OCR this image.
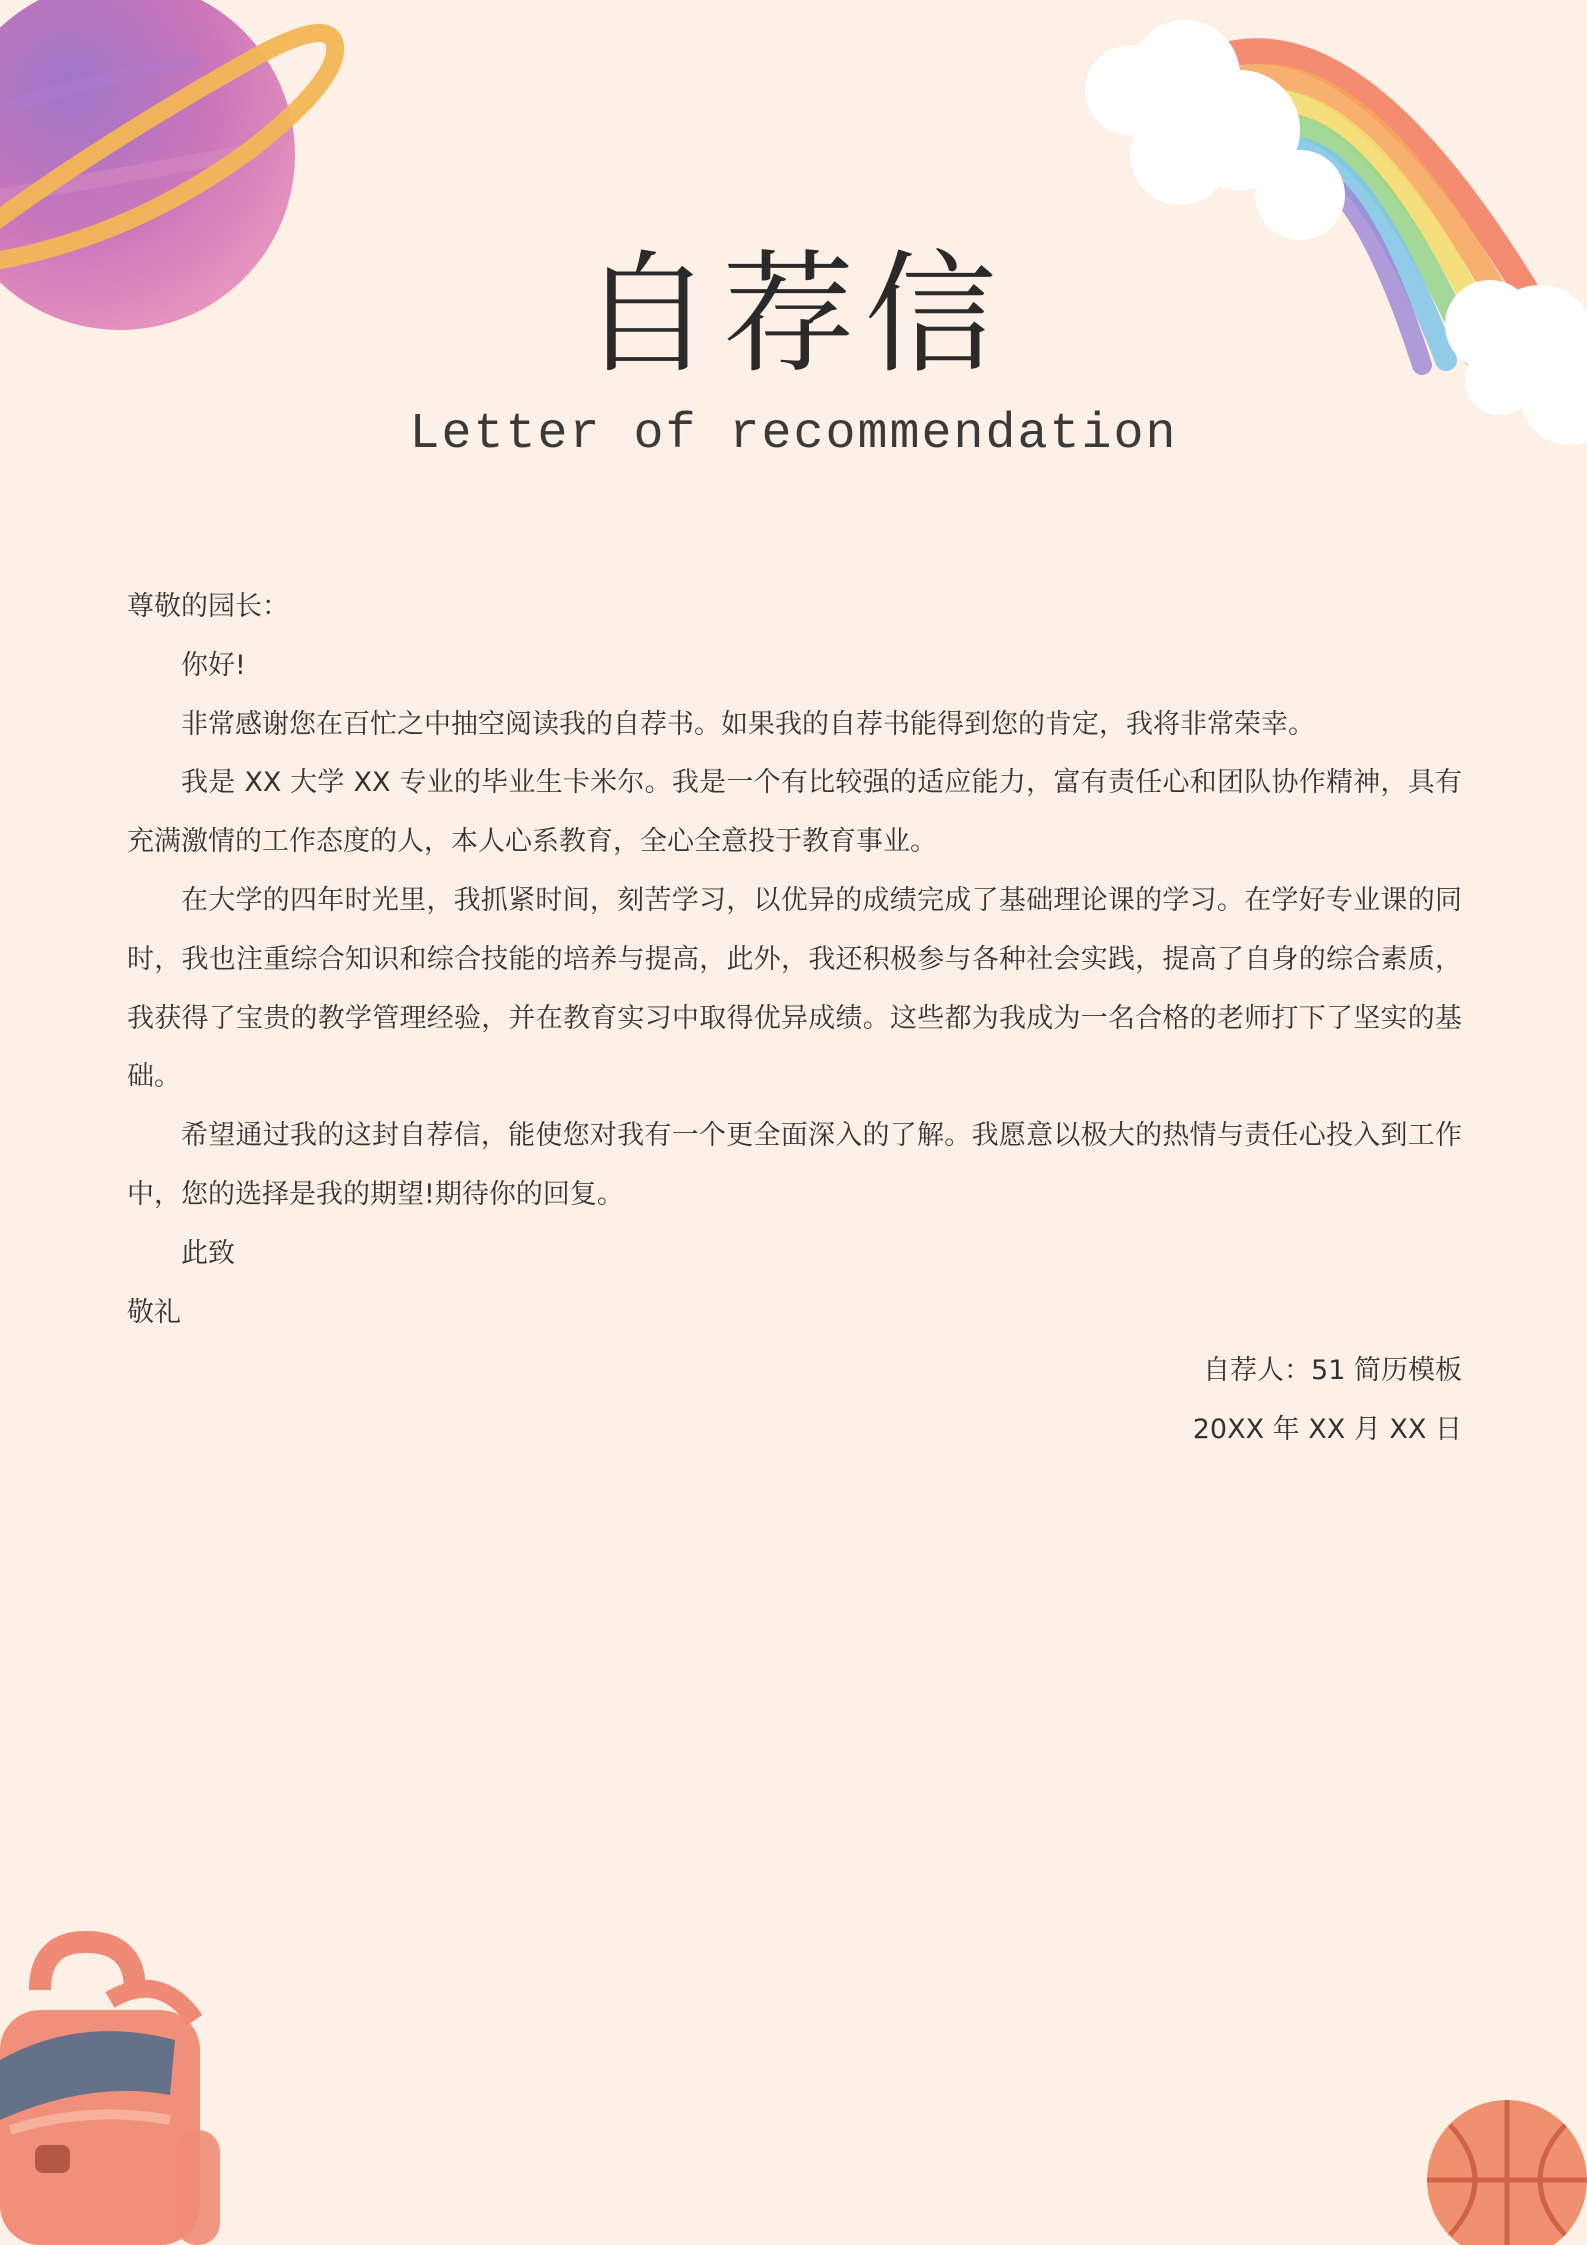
自荐信
Letter of recommendation

尊敬的园长：

你好!

非常感谢您在百忙之中抽空阅读我的自荐书。如果我的自荐书能得到您的肯定，我将非常荣幸。

我是 XX 大学 XX 专业的毕业生卡米尔。我是一个有比较强的适应能力，富有责任心和团队协作精神，具有充满激情的工作态度的人，本人心系教育，全心全意投于教育事业。

在大学的四年时光里，我抓紧时间，刻苦学习，以优异的成绩完成了基础理论课的学习。在学好专业课的同时，我也注重综合知识和综合技能的培养与提高，此外，我还积极参与各种社会实践，提高了自身的综合素质，我获得了宝贵的教学管理经验，并在教育实习中取得优异成绩。这些都为我成为一名合格的老师打下了坚实的基础。

希望通过我的这封自荐信，能使您对我有一个更全面深入的了解。我愿意以极大的热情与责任心投入到工作中，您的选择是我的期望!期待你的回复。

此致

敬礼

自荐人：51 简历模板

20XX 年 XX 月 XX 日
